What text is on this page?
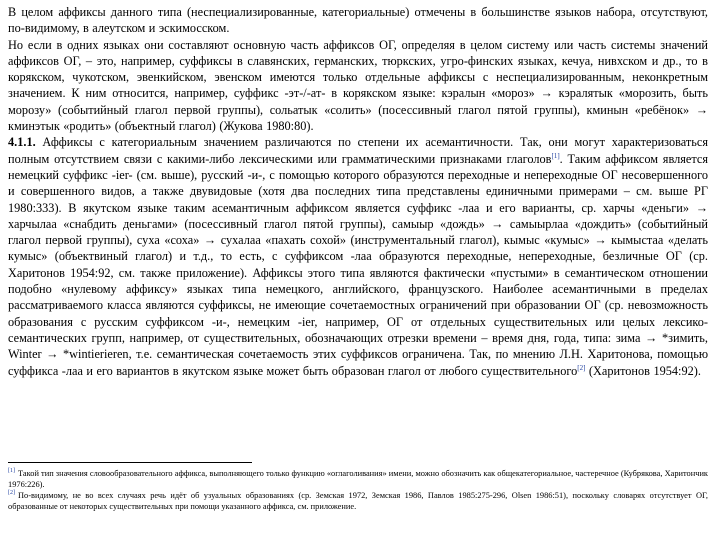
В целом аффиксы данного типа (неспециализированные, категориальные) отмечены в большинстве языков набора, отсутствуют, по-видимому, в алеутском и эскимосском.

Но если в одних языках они составляют основную часть аффиксов ОГ, определяя в целом систему или часть системы значений аффиксов ОГ, – это, например, суффиксы в славянских, германских, тюркских, угро-финских языках, кечуа, нивхском и др., то в корякском, чукотском, эвенкийском, эвенском имеются только отдельные аффиксы с неспециализированным, неконкретным значением. К ним относится, например, суффикс -эт-/-ат- в корякском языке: кэралын «мороз» → кэралятык «морозить, быть морозу» (событийный глагол первой группы), сольатык «солить» (посессивный глагол пятой группы), кминын «ребёнок» → кминэтык «родить» (объектный глагол) (Жукова 1980:80).

4.1.1. Аффиксы с категориальным значением различаются по степени их асемантичности. Так, они могут характеризоваться полным отсутствием связи с какими-либо лексическими или грамматическими признаками глаголов[1]. Таким аффиксом является немецкий суффикс -ier- (см. выше), русский -и-, с помощью которого образуются переходные и непереходные ОГ несовершенного и совершенного видов, а также двувидовые (хотя два последних типа представлены единичными примерами – см. выше РГ 1980:333). В якутском языке таким асемантичным аффиксом является суффикс -лаа и его варианты, ср. харчы «деньги» → харчылаа «снабдить деньгами» (посессивный глагол пятой группы), самыыр «дождь» → самыырлаа «дождить» (событийный глагол первой группы), суха «соха» → сухалаа «пахать сохой» (инструментальный глагол), кымыс «кумыс» → кымыстаа «делать кумыс» (объектвиный глагол) и т.д., то есть, с суффиксом -лаа образуются переходные, непереходные, безличные ОГ (ср. Харитонов 1954:92, см. также приложение). Аффиксы этого типа являются фактически «пустыми» в семантическом отношении подобно «нулевому аффиксу» языках типа немецкого, английского, французского. Наиболее асемантичными в пределах рассматриваемого класса являются суффиксы, не имеющие сочетаемостных ограничений при образовании ОГ (ср. невозможность образования с русским суффиксом -и-, немецким -ier, например, ОГ от отдельных существительных или целых лексико-семантических групп, например, от существительных, обозначающих отрезки времени – время дня, года, типа: зима → *зимить, Winter → *wintierieren, т.е. семантическая сочетаемость этих суффиксов ограничена. Так, по мнению Л.Н. Харитонова, помощью суффикса -лаа и его вариантов в якутском языке может быть образован глагол от любого существительного[2] (Харитонов 1954:92).

[1] Такой тип значения словообразовательного аффикса, выполняющего только функцию «оглаголивания» имени, можно обозначить как общекатегориальное, частеречное (Кубрякова, Харитончик 1976:226).

[2] По-видимому, не во всех случаях речь идёт об узуальных образованиях (ср. Земская 1972, Земская 1986, Павлов 1985:275-296, Olsen 1986:51), поскольку словарях отсутствует ОГ, образованные от некоторых существительных при помощи указанного аффикса, см. приложение.
